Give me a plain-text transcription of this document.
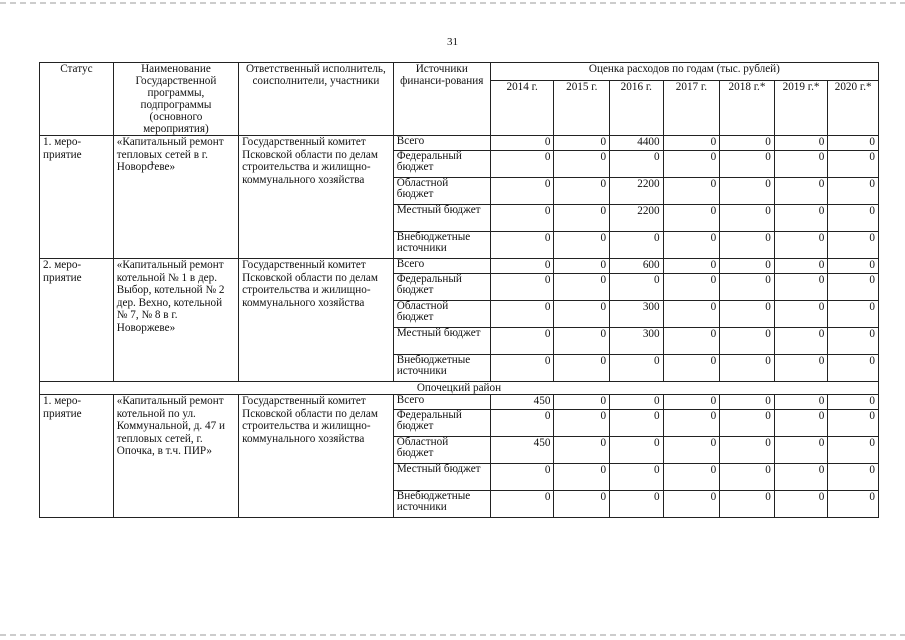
31
Статус	Наименование Государственной программы, подпрограммы (основного мероприятия)	Ответственный исполнитель, соисполнители, участники	Источники финанси-рования	Оценка расходов по годам (тыс. рублей)						
				2014 г.	2015 г.	2016 г.	2017 г.	2018 г.*	2019 г.*	2020 г.*
1. меро-приятие	«Капитальный ремонт тепловых сетей в г. Новорժеве»	Государственный комитет Псковской области по делам строительства и жилищно-коммунального хозяйства	Всего	0	0	4400	0	0	0	0
			Федеральный бюджет	0	0	0	0	0	0	0
			Областной бюджет	0	0	2200	0	0	0	0
			Местный бюджет	0	0	2200	0	0	0	0
			Внебюджетные источники	0	0	0	0	0	0	0
2. меро-приятие	«Капитальный ремонт котельной № 1 в дер. Выбор, котельной № 2 дер. Вехно, котельной № 7, № 8 в г. Новоржеве»	Государственный комитет Псковской области по делам строительства и жилищно-коммунального хозяйства	Всего	0	0	600	0	0	0	0
			Федеральный бюджет	0	0	0	0	0	0	0
			Областной бюджет	0	0	300	0	0	0	0
			Местный бюджет	0	0	300	0	0	0	0
			Внебюджетные источники	0	0	0	0	0	0	0
Опочецкий район										
1. меро-приятие	«Капитальный ремонт котельной по ул. Коммунальной, д. 47 и тепловых сетей, г. Опочка, в т.ч. ПИР»	Государственный комитет Псковской области по делам строительства и жилищно-коммунального хозяйства	Всего	450	0	0	0	0	0	0
			Федеральный бюджет	0	0	0	0	0	0	0
			Областной бюджет	450	0	0	0	0	0	0
			Местный бюджет	0	0	0	0	0	0	0
			Внебюджетные источники	0	0	0	0	0	0	0
